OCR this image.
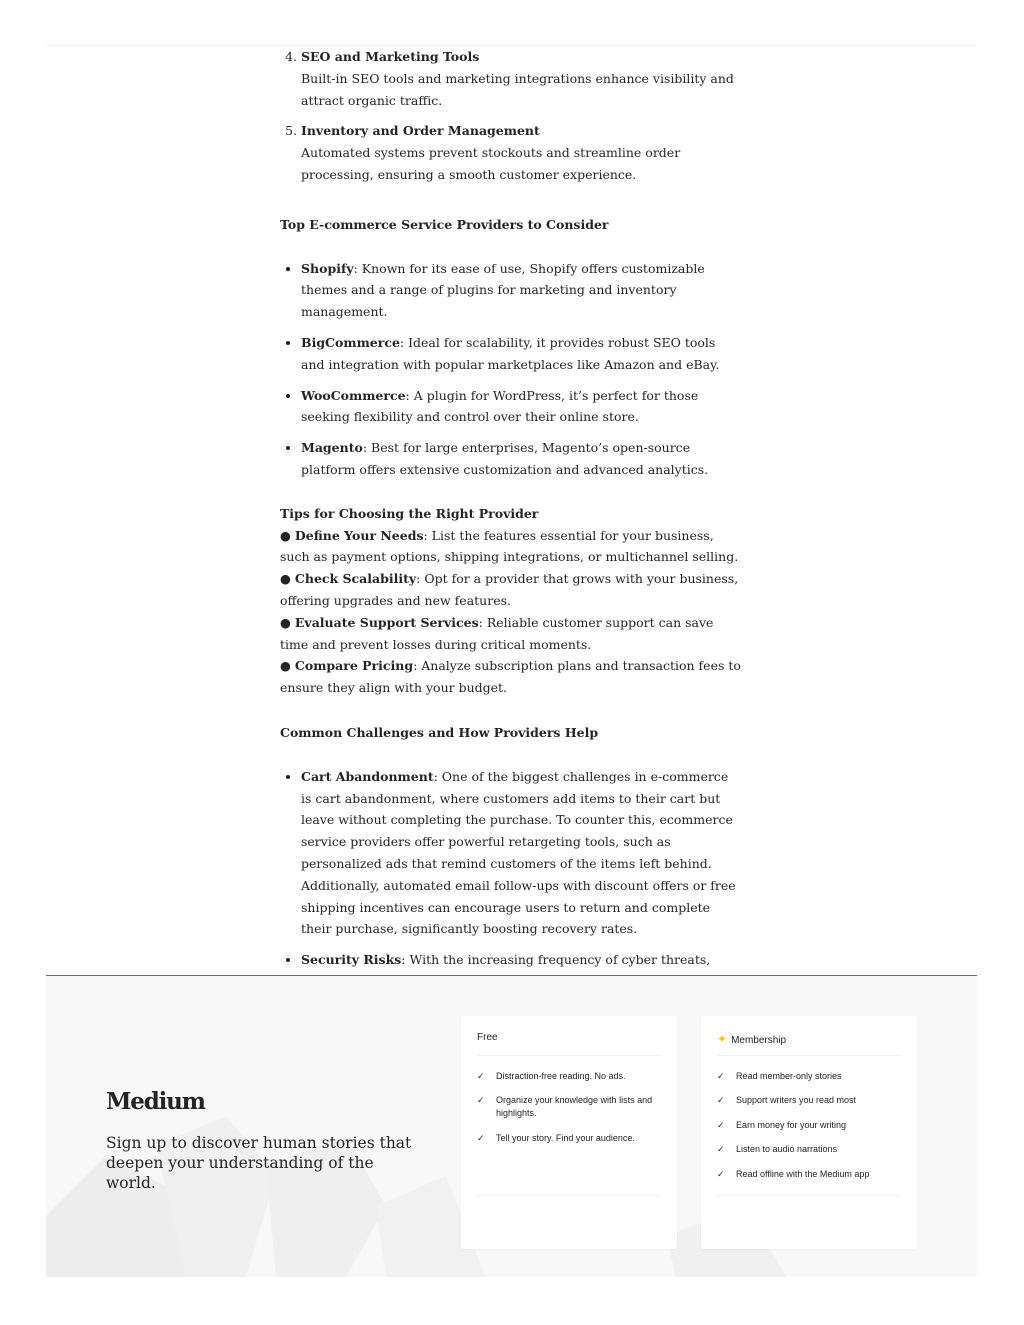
4. SEO and Marketing Tools
Built-in SEO tools and marketing integrations enhance visibility and attract organic traffic.
5. Inventory and Order Management
Automated systems prevent stockouts and streamline order processing, ensuring a smooth customer experience.

Top E-commerce Service Providers to Consider

• Shopify: Known for its ease of use, Shopify offers customizable themes and a range of plugins for marketing and inventory management.
• BigCommerce: Ideal for scalability, it provides robust SEO tools and integration with popular marketplaces like Amazon and eBay.
• WooCommerce: A plugin for WordPress, it’s perfect for those seeking flexibility and control over their online store.
• Magento: Best for large enterprises, Magento’s open-source platform offers extensive customization and advanced analytics.

Tips for Choosing the Right Provider

● Define Your Needs: List the features essential for your business, such as payment options, shipping integrations, or multichannel selling.

● Check Scalability: Opt for a provider that grows with your business, offering upgrades and new features.

● Evaluate Support Services: Reliable customer support can save time and prevent losses during critical moments.

● Compare Pricing: Analyze subscription plans and transaction fees to ensure they align with your budget.

Common Challenges and How Providers Help

• Cart Abandonment: One of the biggest challenges in e-commerce is cart abandonment, where customers add items to their cart but leave without completing the purchase. To counter this, ecommerce service providers offer powerful retargeting tools, such as personalized ads that remind customers of the items left behind. Additionally, automated email follow-ups with discount offers or free shipping incentives can encourage users to return and complete their purchase, significantly boosting recovery rates.
• Security Risks: With the increasing frequency of cyber threats,
Medium
Sign up to discover human stories that deepen your understanding of the world.
Free
✓ Distraction-free reading. No ads.
✓ Organize your knowledge with lists and highlights.
✓ Tell your story. Find your audience.
✦ Membership
✓ Read member-only stories
✓ Support writers you read most
✓ Earn money for your writing
✓ Listen to audio narrations
✓ Read offline with the Medium app
